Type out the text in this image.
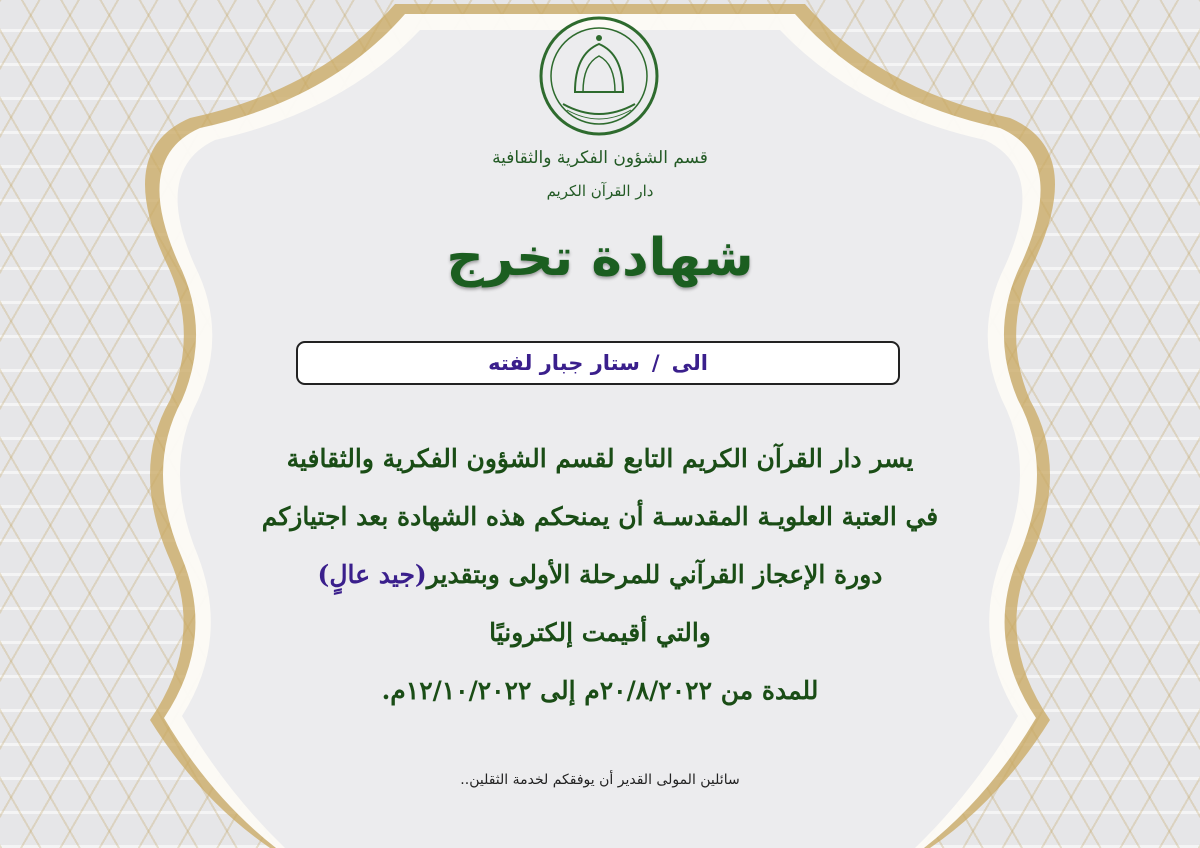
قسم الشؤون الفكرية والثقافية
دار القرآن الكريم
شهادة تخرج
الى
/
ستار جبار لفته
يسر دار القرآن الكريم التابع لقسم الشؤون الفكرية والثقافية
في العتبة العلويـة المقدسـة أن يمنحكم هذه الشهادة بعد اجتيازكم
دورة الإعجاز القرآني للمرحلة الأولى وبتقدير(جيد عالٍ)
والتي أقيمت إلكترونيًا
للمدة من ٢٠/٨/٢٠٢٢م إلى ١٢/١٠/٢٠٢٢م.
سائلين المولى القدير أن يوفقكم لخدمة الثقلين..
